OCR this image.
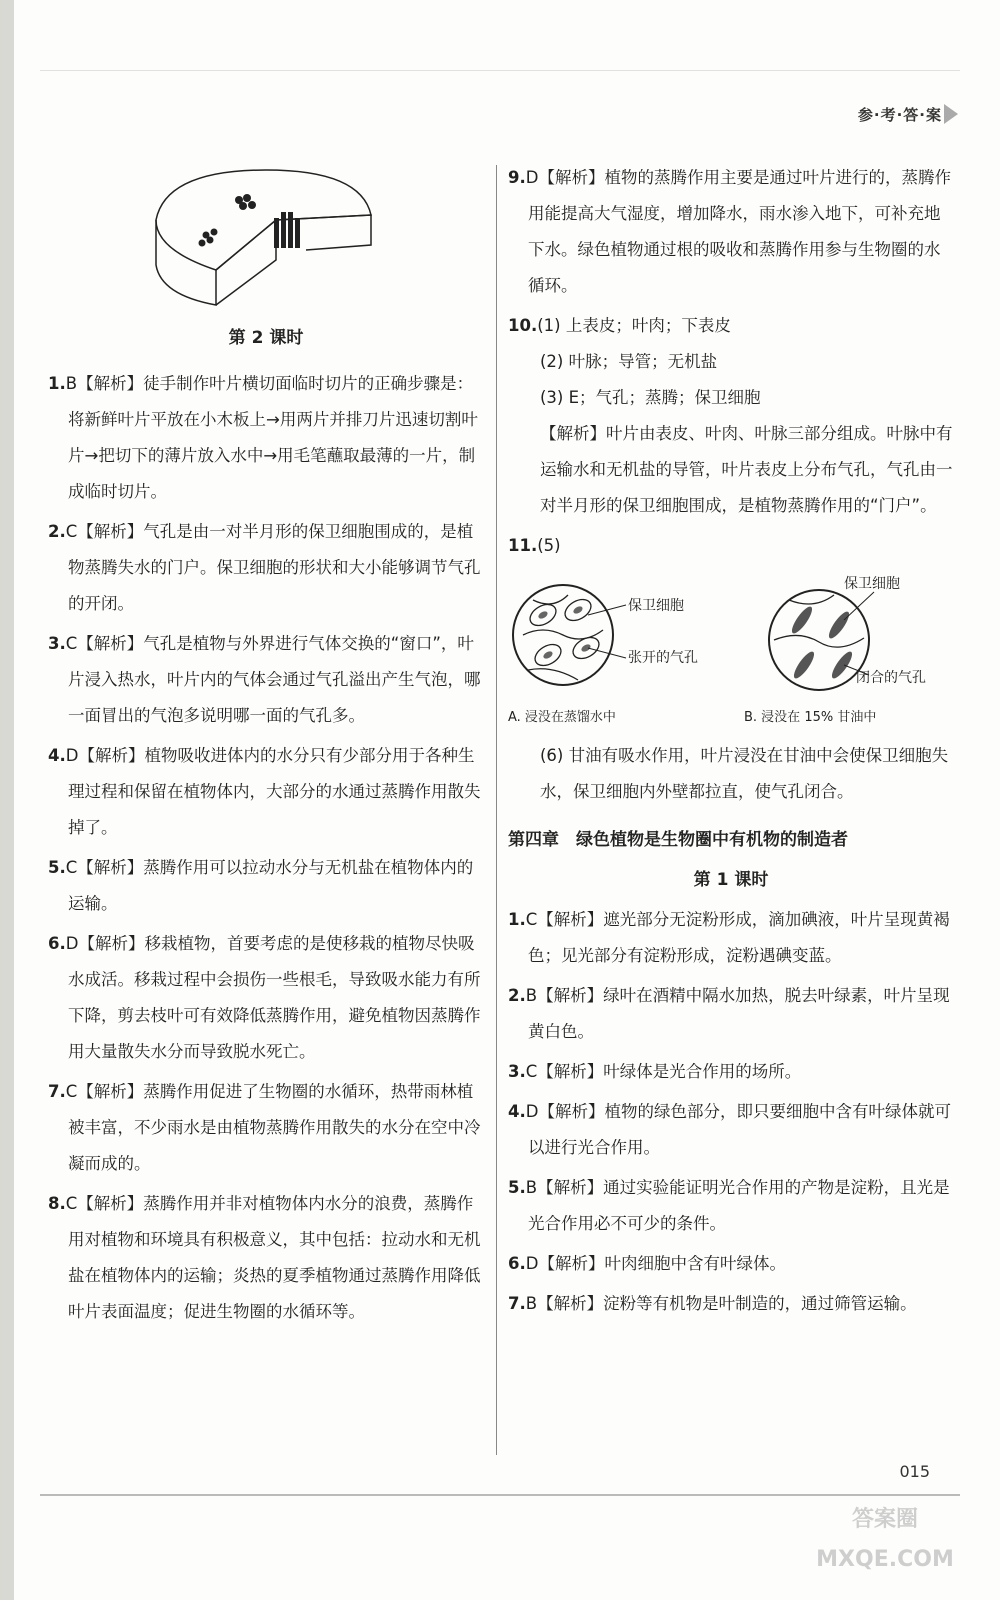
参·考·答·案
第 2 课时

1.B【解析】徒手制作叶片横切面临时切片的正确步骤是：将新鲜叶片平放在小木板上→用两片并排刀片迅速切割叶片→把切下的薄片放入水中→用毛笔蘸取最薄的一片，制成临时切片。

2.C【解析】气孔是由一对半月形的保卫细胞围成的，是植物蒸腾失水的门户。保卫细胞的形状和大小能够调节气孔的开闭。

3.C【解析】气孔是植物与外界进行气体交换的“窗口”，叶片浸入热水，叶片内的气体会通过气孔溢出产生气泡，哪一面冒出的气泡多说明哪一面的气孔多。

4.D【解析】植物吸收进体内的水分只有少部分用于各种生理过程和保留在植物体内，大部分的水通过蒸腾作用散失掉了。

5.C【解析】蒸腾作用可以拉动水分与无机盐在植物体内的运输。

6.D【解析】移栽植物，首要考虑的是使移栽的植物尽快吸水成活。移栽过程中会损伤一些根毛，导致吸水能力有所下降，剪去枝叶可有效降低蒸腾作用，避免植物因蒸腾作用大量散失水分而导致脱水死亡。

7.C【解析】蒸腾作用促进了生物圈的水循环，热带雨林植被丰富，不少雨水是由植物蒸腾作用散失的水分在空中冷凝而成的。

8.C【解析】蒸腾作用并非对植物体内水分的浪费，蒸腾作用对植物和环境具有积极意义，其中包括：拉动水和无机盐在植物体内的运输；炎热的夏季植物通过蒸腾作用降低叶片表面温度；促进生物圈的水循环等。

9.D【解析】植物的蒸腾作用主要是通过叶片进行的，蒸腾作用能提高大气湿度，增加降水，雨水渗入地下，可补充地下水。绿色植物通过根的吸收和蒸腾作用参与生物圈的水循环。

10.(1) 上表皮；叶肉；下表皮

(2) 叶脉；导管；无机盐

(3) E；气孔；蒸腾；保卫细胞

【解析】叶片由表皮、叶肉、叶脉三部分组成。叶脉中有运输水和无机盐的导管，叶片表皮上分布气孔，气孔由一对半月形的保卫细胞围成，是植物蒸腾作用的“门户”。

11.(5)

保卫细胞
张开的气孔
A. 浸没在蒸馏水中
保卫细胞
闭合的气孔
B. 浸没在 15% 甘油中

(6) 甘油有吸水作用，叶片浸没在甘油中会使保卫细胞失水，保卫细胞内外壁都拉直，使气孔闭合。

第四章　绿色植物是生物圈中有机物的制造者
第 1 课时

1.C【解析】遮光部分无淀粉形成，滴加碘液，叶片呈现黄褐色；见光部分有淀粉形成，淀粉遇碘变蓝。

2.B【解析】绿叶在酒精中隔水加热，脱去叶绿素，叶片呈现黄白色。

3.C【解析】叶绿体是光合作用的场所。

4.D【解析】植物的绿色部分，即只要细胞中含有叶绿体就可以进行光合作用。

5.B【解析】通过实验能证明光合作用的产物是淀粉，且光是光合作用必不可少的条件。

6.D【解析】叶肉细胞中含有叶绿体。

7.B【解析】淀粉等有机物是叶制造的，通过筛管运输。

015
答案圈 MXQE.COM
